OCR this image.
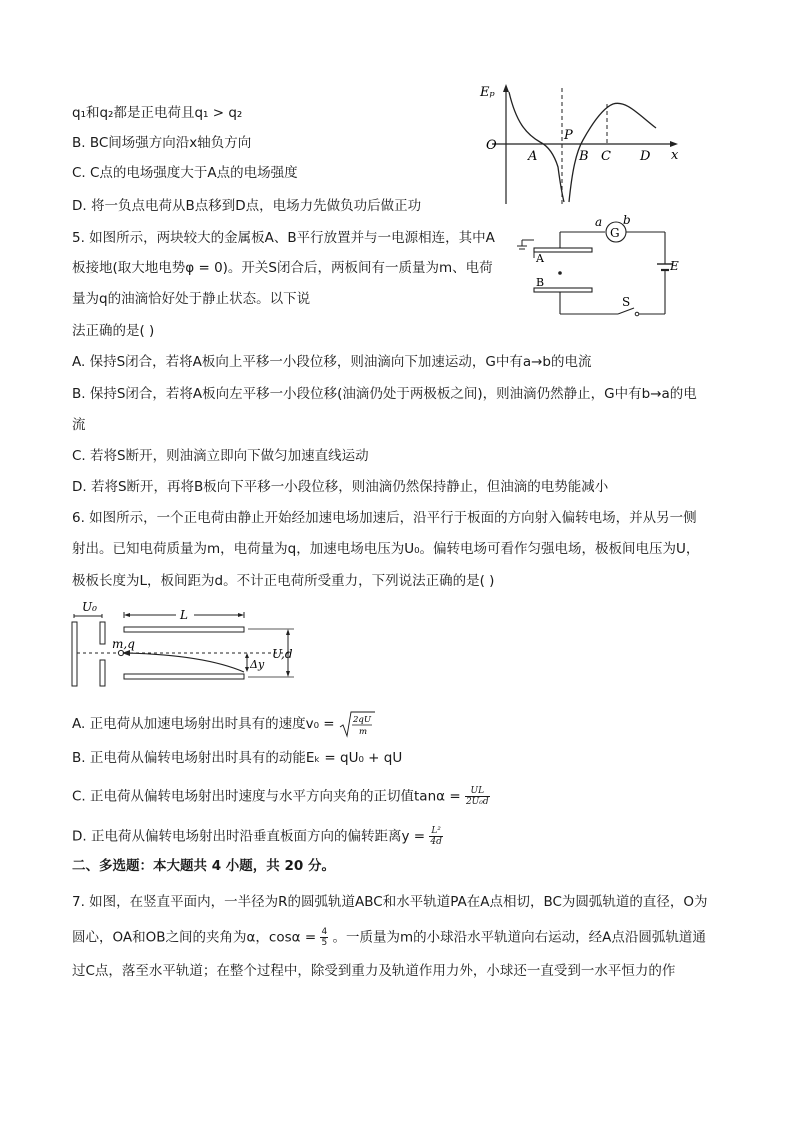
q₁和q₂都是正电荷且q₁ > q₂
B. BC间场强方向沿x轴负方向
C. C点的电场强度大于A点的电场强度
D. 将一负点电荷从B点移到D点，电场力先做负功后做正功
Eₚ
x
O
A
P
B C D
5. 如图所示，两块较大的金属板A、B平行放置并与一电源相连，其中A
板接地(取大地电势φ = 0)。开关S闭合后，两板间有一质量为m、电荷
量为q的油滴恰好处于静止状态。以下说
法正确的是( )
A. 保持S闭合，若将A板向上平移一小段位移，则油滴向下加速运动，G中有a→b的电流
B. 保持S闭合，若将A板向左平移一小段位移(油滴仍处于两极板之间)，则油滴仍然静止，G中有b→a的电
流
C. 若将S断开，则油滴立即向下做匀加速直线运动
D. 若将S断开，再将B板向下平移一小段位移，则油滴仍然保持静止，但油滴的电势能减小
A
B
a b
G
E
S
6. 如图所示，一个正电荷由静止开始经加速电场加速后，沿平行于板面的方向射入偏转电场，并从另一侧
射出。已知电荷质量为m，电荷量为q，加速电场电压为U₀。偏转电场可看作匀强电场，极板间电压为U，
极板长度为L，板间距为d。不计正电荷所受重力，下列说法正确的是( )
U₀
L
m,q
U,d
Δy
A. 正电荷从加速电场射出时具有的速度v₀ = 2qU
m
B. 正电荷从偏转电场射出时具有的动能Eₖ = qU₀ + qU
C. 正电荷从偏转电场射出时速度与水平方向夹角的正切值$\tan\alpha = \frac{UL}{\text{2U₀d}}$
D. 正电荷从偏转电场射出时沿垂直板面方向的偏转距离$y = \frac{\text{L²}}{4d}$
二、多选题：本大题共 4 小题，共 20 分。
7. 如图，在竖直平面内，一半径为R的圆弧轨道ABC和水平轨道PA在A点相切，BC为圆弧轨道的直径，O为
圆心，OA和OB之间的夹角为α，$\cos\alpha = \frac{4}{5}$ 。一质量为m的小球沿水平轨道向右运动，经A点沿圆弧轨道通
过C点，落至水平轨道；在整个过程中，除受到重力及轨道作用力外，小球还一直受到一水平恒力的作
